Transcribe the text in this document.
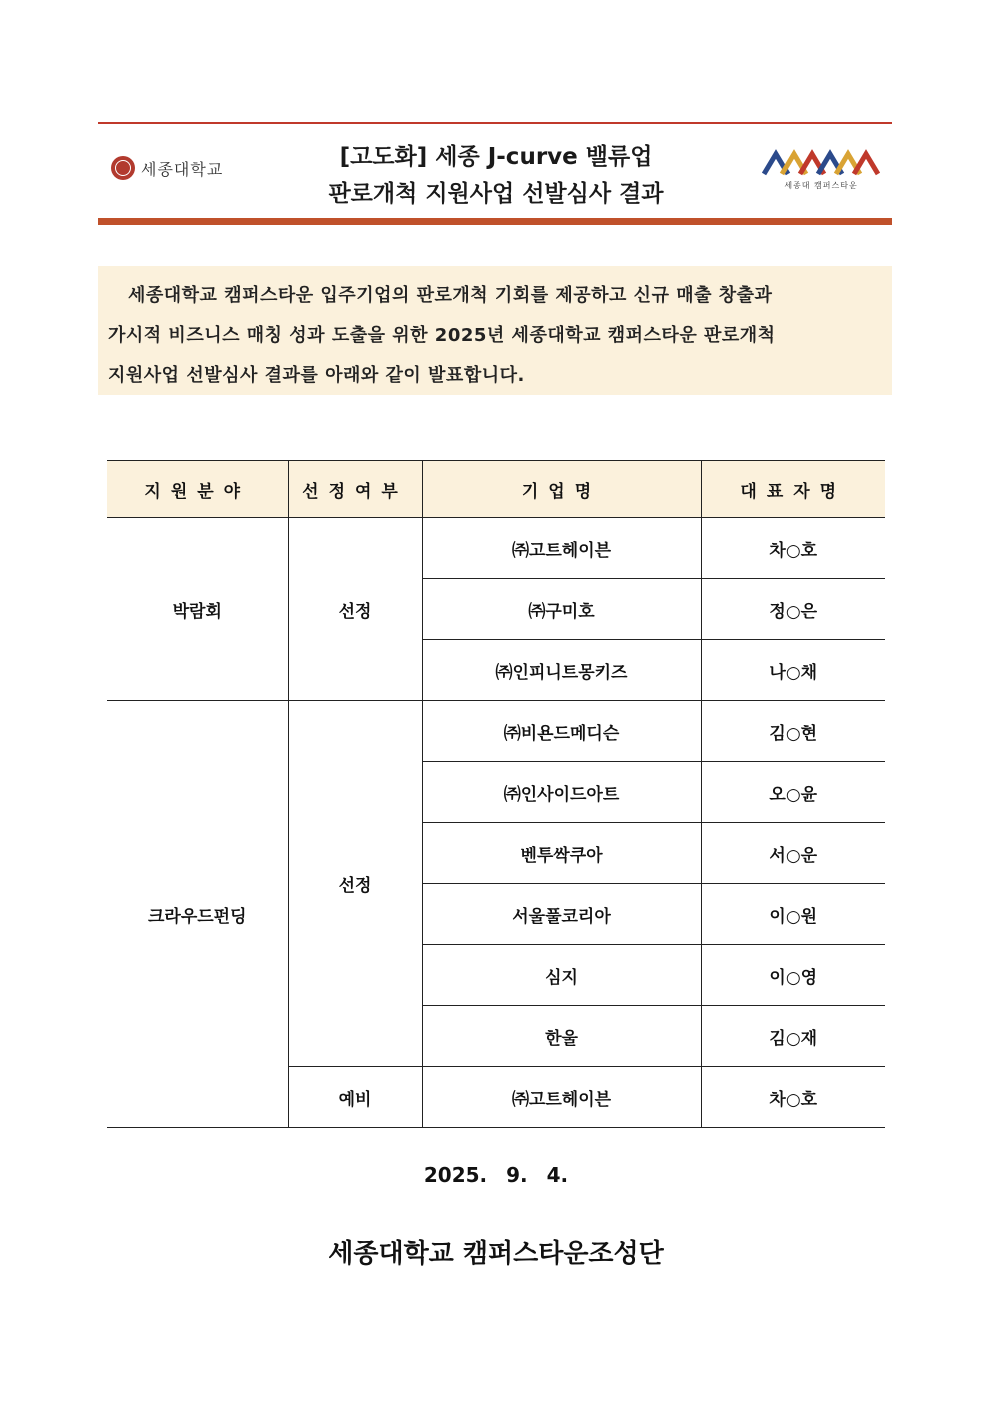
세종대학교	[고도화] 세종 J-curve 밸류업
판로개척 지원사업 선발심사 결과	세종대 캠퍼스타운

세종대학교 캠퍼스타운 입주기업의 판로개척 기회를 제공하고 신규 매출 창출과

가시적 비즈니스 매칭 성과 도출을 위한 2025년 세종대학교 캠퍼스타운 판로개척

지원사업 선발심사 결과를 아래와 같이 발표합니다.

지원분야	선정여부	기업명	대표자명
박람회	선정	㈜고트헤이븐	차○호
		㈜구미호	정○은
		㈜인피니트몽키즈	나○채
크라우드펀딩	선정	㈜비욘드메디슨	김○현
		㈜인사이드아트	오○윤
		벤투싹쿠아	서○운
		서울풀코리아	이○원
		심지	이○영
		한울	김○재
	예비	㈜고트헤이븐	차○호
2025. 9. 4.
세종대학교 캠퍼스타운조성단
